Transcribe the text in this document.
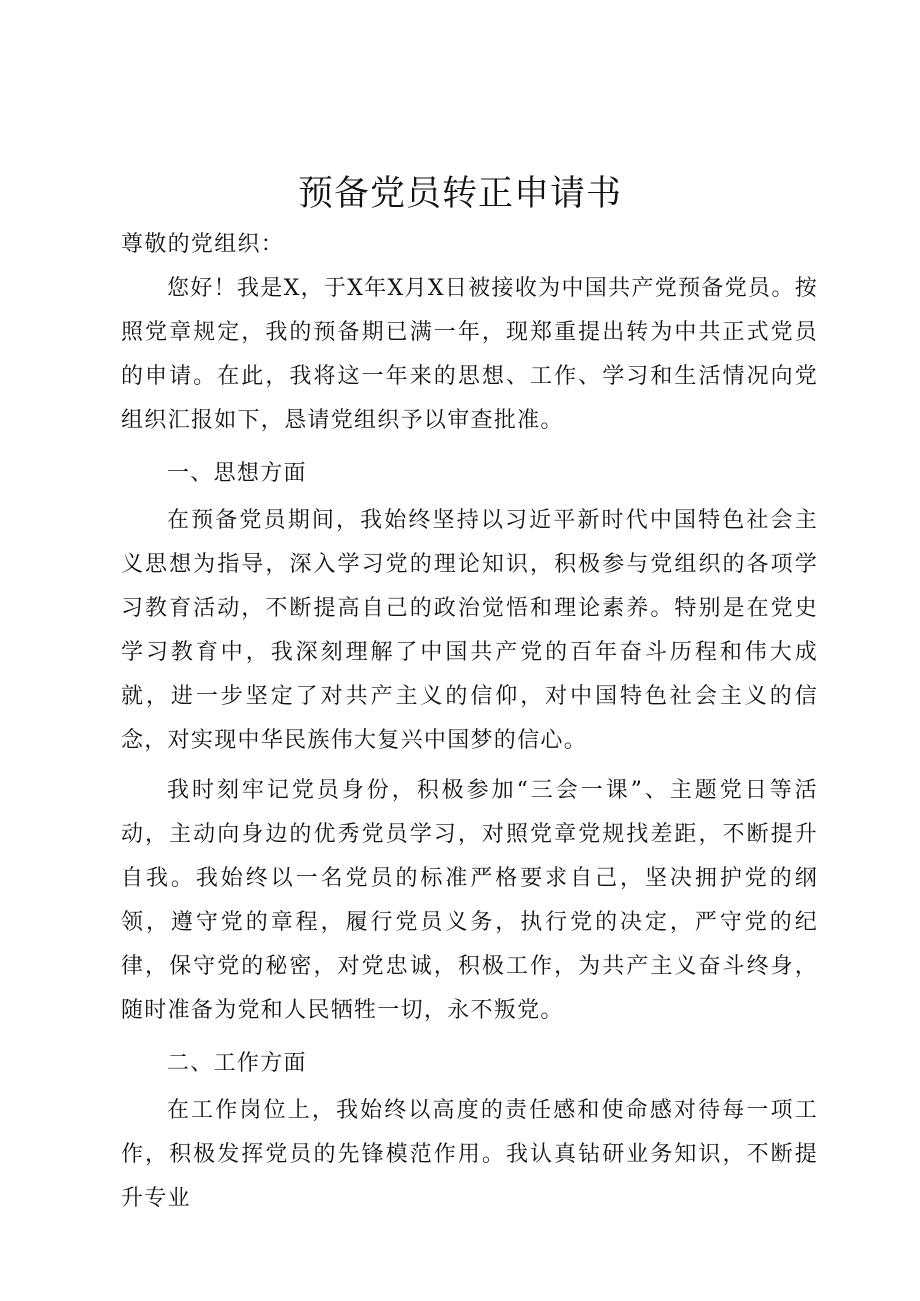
预备党员转正申请书

尊敬的党组织：

您好！我是X，于X年X月X日被接收为中国共产党预备党员。按照党章规定，我的预备期已满一年，现郑重提出转为中共正式党员的申请。在此，我将这一年来的思想、工作、学习和生活情况向党组织汇报如下，恳请党组织予以审查批准。

一、思想方面

在预备党员期间，我始终坚持以习近平新时代中国特色社会主义思想为指导，深入学习党的理论知识，积极参与党组织的各项学习教育活动，不断提高自己的政治觉悟和理论素养。特别是在党史学习教育中，我深刻理解了中国共产党的百年奋斗历程和伟大成就，进一步坚定了对共产主义的信仰，对中国特色社会主义的信念，对实现中华民族伟大复兴中国梦的信心。

我时刻牢记党员身份，积极参加“三会一课”、主题党日等活动，主动向身边的优秀党员学习，对照党章党规找差距，不断提升自我。我始终以一名党员的标准严格要求自己，坚决拥护党的纲领，遵守党的章程，履行党员义务，执行党的决定，严守党的纪律，保守党的秘密，对党忠诚，积极工作，为共产主义奋斗终身，随时准备为党和人民牺牲一切，永不叛党。

二、工作方面

在工作岗位上，我始终以高度的责任感和使命感对待每一项工作，积极发挥党员的先锋模范作用。我认真钻研业务知识，不断提升专业
